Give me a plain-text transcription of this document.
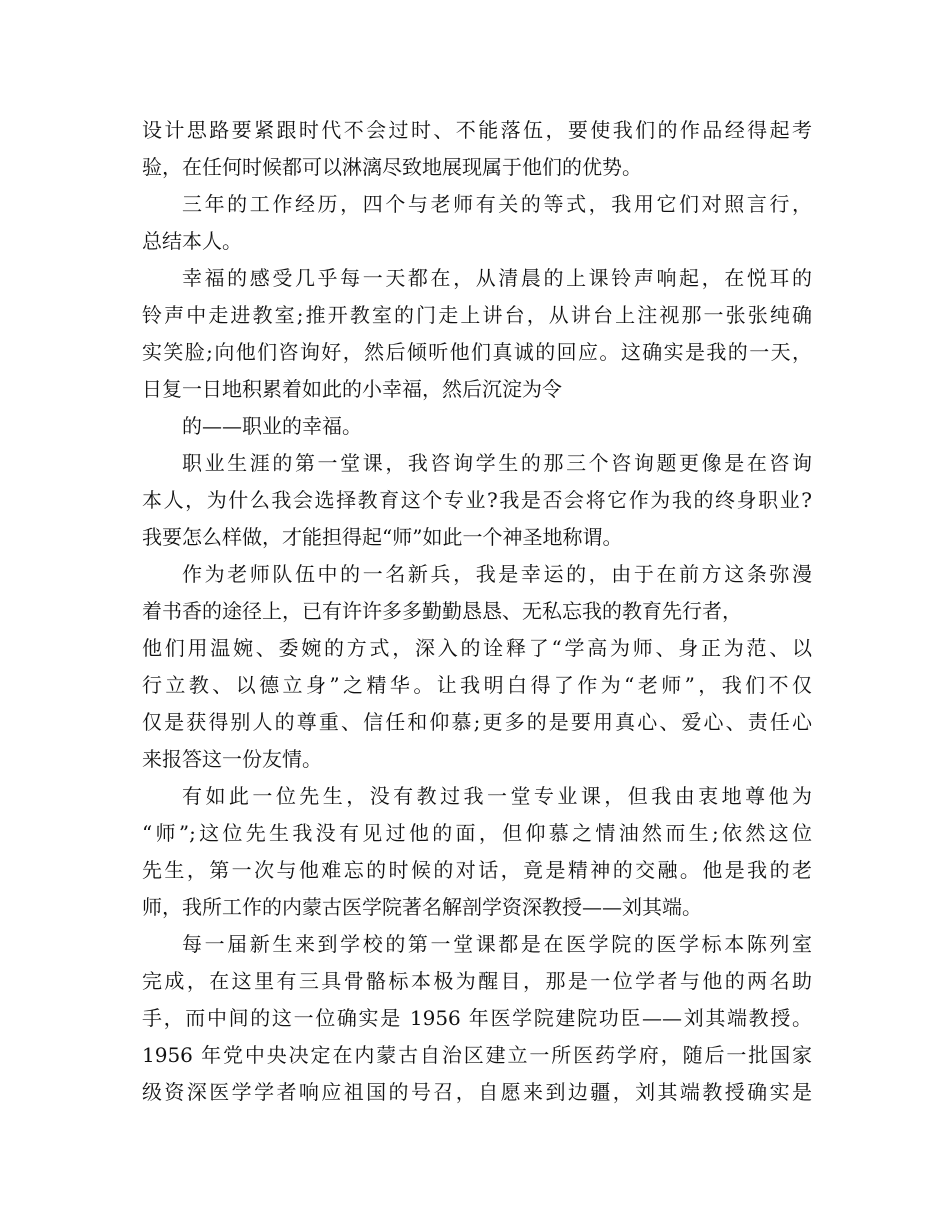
设计思路要紧跟时代不会过时、不能落伍，要使我们的作品经得起考
验，在任何时候都可以淋漓尽致地展现属于他们的优势。
三年的工作经历，四个与老师有关的等式，我用它们对照言行，
总结本人。
幸福的感受几乎每一天都在，从清晨的上课铃声响起，在悦耳的
铃声中走进教室;推开教室的门走上讲台，从讲台上注视那一张张纯确
实笑脸;向他们咨询好，然后倾听他们真诚的回应。这确实是我的一天，
日复一日地积累着如此的小幸福，然后沉淀为令
的——职业的幸福。
职业生涯的第一堂课，我咨询学生的那三个咨询题更像是在咨询
本人，为什么我会选择教育这个专业?我是否会将它作为我的终身职业?
我要怎么样做，才能担得起“师”如此一个神圣地称谓。
作为老师队伍中的一名新兵，我是幸运的，由于在前方这条弥漫
着书香的途径上，已有许许多多勤勤恳恳、无私忘我的教育先行者，
他们用温婉、委婉的方式，深入的诠释了“学高为师、身正为范、以
行立教、以德立身”之精华。让我明白得了作为“老师”，我们不仅
仅是获得别人的尊重、信任和仰慕;更多的是要用真心、爱心、责任心
来报答这一份友情。
有如此一位先生，没有教过我一堂专业课，但我由衷地尊他为
“师”;这位先生我没有见过他的面，但仰慕之情油然而生;依然这位
先生，第一次与他难忘的时候的对话，竟是精神的交融。他是我的老
师，我所工作的内蒙古医学院著名解剖学资深教授——刘其端。
每一届新生来到学校的第一堂课都是在医学院的医学标本陈列室
完成，在这里有三具骨骼标本极为醒目，那是一位学者与他的两名助
手，而中间的这一位确实是 1956 年医学院建院功臣——刘其端教授。
1956 年党中央决定在内蒙古自治区建立一所医药学府，随后一批国家
级资深医学学者响应祖国的号召，自愿来到边疆，刘其端教授确实是
